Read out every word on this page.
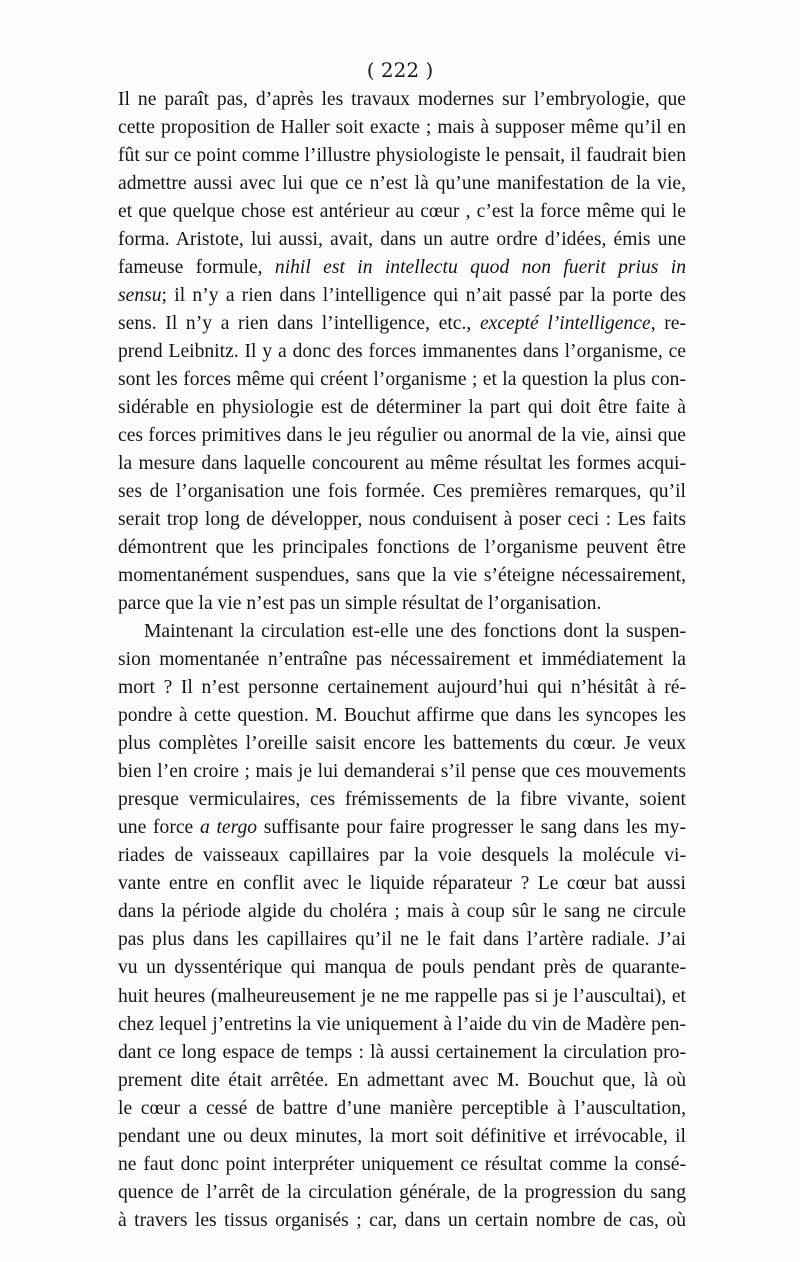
( 222 )
Il ne paraît pas, d’après les travaux modernes sur l’embryologie, que
cette proposition de Haller soit exacte ; mais à supposer même qu’il en
fût sur ce point comme l’illustre physiologiste le pensait, il faudrait bien
admettre aussi avec lui que ce n’est là qu’une manifestation de la vie,
et que quelque chose est antérieur au cœur , c’est la force même qui le
forma. Aristote, lui aussi, avait, dans un autre ordre d’idées, émis une
fameuse formule, nihil est in intellectu quod non fuerit prius in
sensu; il n’y a rien dans l’intelligence qui n’ait passé par la porte des
sens. Il n’y a rien dans l’intelligence, etc., excepté l’intelligence, re-
prend Leibnitz. Il y a donc des forces immanentes dans l’organisme, ce
sont les forces même qui créent l’organisme ; et la question la plus con-
sidérable en physiologie est de déterminer la part qui doit être faite à
ces forces primitives dans le jeu régulier ou anormal de la vie, ainsi que
la mesure dans laquelle concourent au même résultat les formes acqui-
ses de l’organisation une fois formée. Ces premières remarques, qu’il
serait trop long de développer, nous conduisent à poser ceci : Les faits
démontrent que les principales fonctions de l’organisme peuvent être
momentanément suspendues, sans que la vie s’éteigne nécessairement,
parce que la vie n’est pas un simple résultat de l’organisation.
Maintenant la circulation est-elle une des fonctions dont la suspen-
sion momentanée n’entraîne pas nécessairement et immédiatement la
mort ? Il n’est personne certainement aujourd’hui qui n’hésitât à ré-
pondre à cette question. M. Bouchut affirme que dans les syncopes les
plus complètes l’oreille saisit encore les battements du cœur. Je veux
bien l’en croire ; mais je lui demanderai s’il pense que ces mouvements
presque vermiculaires, ces frémissements de la fibre vivante, soient
une force a tergo suffisante pour faire progresser le sang dans les my-
riades de vaisseaux capillaires par la voie desquels la molécule vi-
vante entre en conflit avec le liquide réparateur ? Le cœur bat aussi
dans la période algide du choléra ; mais à coup sûr le sang ne circule
pas plus dans les capillaires qu’il ne le fait dans l’artère radiale. J’ai
vu un dyssentérique qui manqua de pouls pendant près de quarante-
huit heures (malheureusement je ne me rappelle pas si je l’auscultai), et
chez lequel j’entretins la vie uniquement à l’aide du vin de Madère pen-
dant ce long espace de temps : là aussi certainement la circulation pro-
prement dite était arrêtée. En admettant avec M. Bouchut que, là où
le cœur a cessé de battre d’une manière perceptible à l’auscultation,
pendant une ou deux minutes, la mort soit définitive et irrévocable, il
ne faut donc point interpréter uniquement ce résultat comme la consé-
quence de l’arrêt de la circulation générale, de la progression du sang
à travers les tissus organisés ; car, dans un certain nombre de cas, où
